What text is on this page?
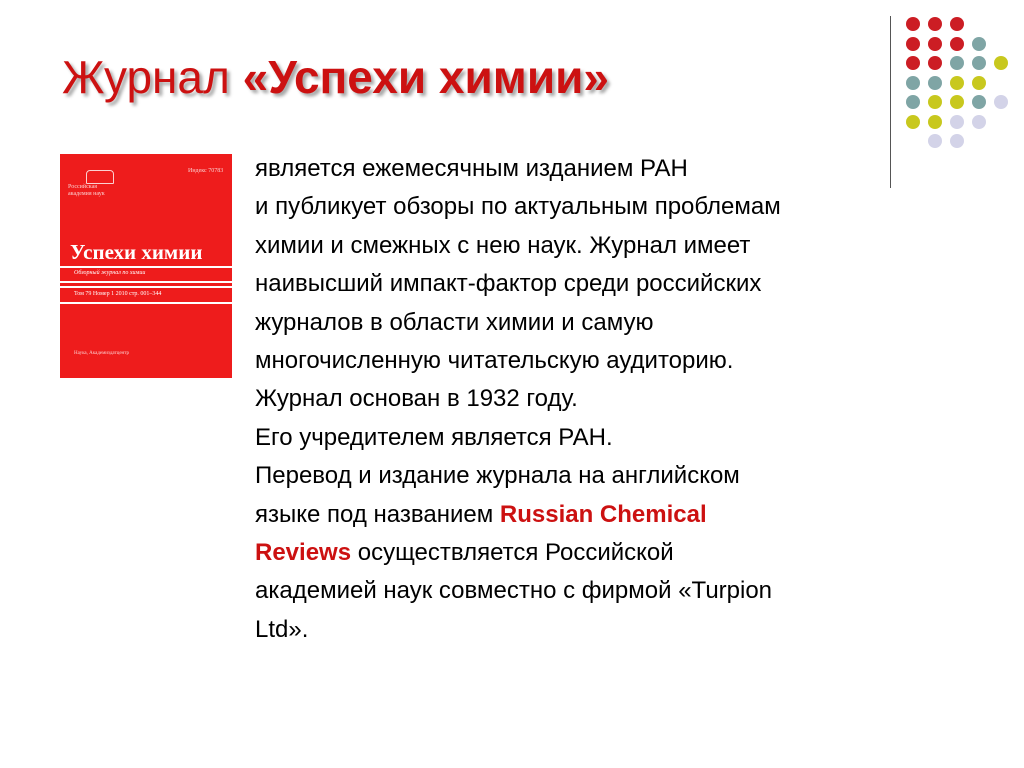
Журнал «Успехи химии»
Индекс 70783
Российская
академия наук
Успехи химии
Обзорный журнал по химии
Том 79 Номер 1 2010 стр. 001–344
Наука, Академиздатцентр
является ежемесячным изданием РАН
и публикует обзоры по актуальным проблемам
химии и смежных с нею наук. Журнал имеет
наивысший импакт-фактор среди российских
журналов в области химии и самую
многочисленную читательскую аудиторию.
Журнал основан в 1932 году.
Его учредителем является РАН.
Перевод и издание журнала на английском
языке под названием Russian Chemical
Reviews осуществляется Российской
академией наук совместно с фирмой «Turpion
Ltd».
